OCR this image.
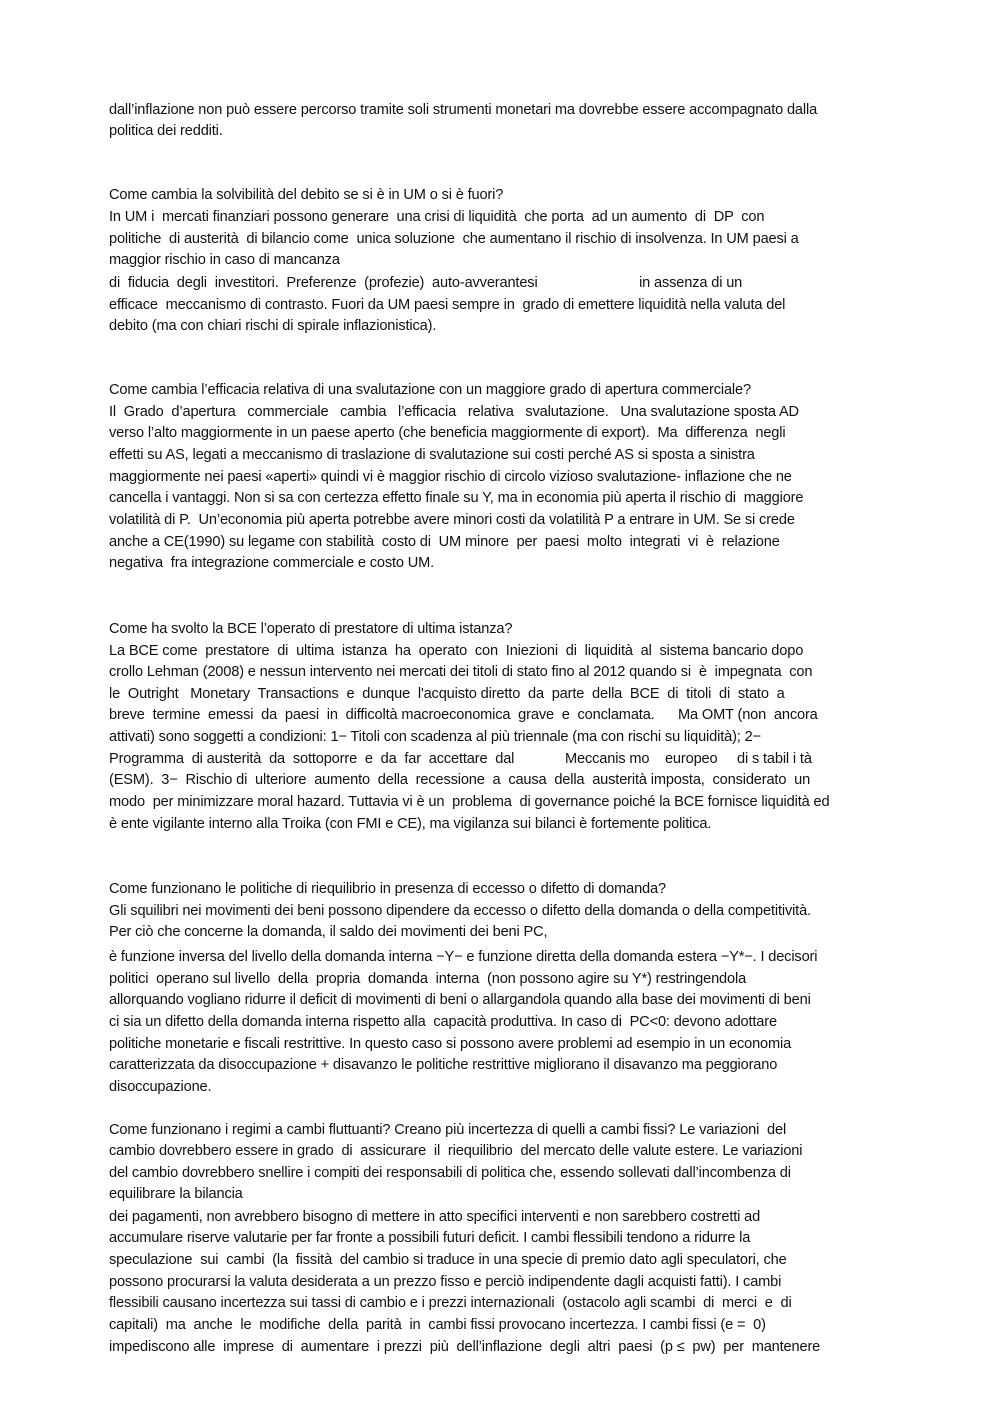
dall’inflazione non può essere percorso tramite soli strumenti monetari ma dovrebbe essere accompagnato dalla
politica dei redditi.
Come cambia la solvibilità del debito se si è in UM o si è fuori?
In UM i  mercati finanziari possono generare  una crisi di liquidità  che porta  ad un aumento  di  DP  con
politiche  di austerità  di bilancio come  unica soluzione  che aumentano il rischio di insolvenza. In UM paesi a
maggior rischio in caso di mancanza
di  fiducia  degli  investitori.  Preferenze  (profezie)  auto-avverantesi                          in assenza di un
efficace  meccanismo di contrasto. Fuori da UM paesi sempre in  grado di emettere liquidità nella valuta del
debito (ma con chiari rischi di spirale inflazionistica).
Come cambia l’efficacia relativa di una svalutazione con un maggiore grado di apertura commerciale?
Il  Grado  d’apertura   commerciale   cambia   l’efficacia   relativa   svalutazione.   Una svalutazione sposta AD
verso l’alto maggiormente in un paese aperto (che beneficia maggiormente di export).  Ma  differenza  negli
effetti su AS, legati a meccanismo di traslazione di svalutazione sui costi perché AS si sposta a sinistra
maggiormente nei paesi «aperti» quindi vi è maggior rischio di circolo vizioso svalutazione- inflazione che ne
cancella i vantaggi. Non si sa con certezza effetto finale su Y, ma in economia più aperta il rischio di  maggiore
volatilità di P.  Un’economia più aperta potrebbe avere minori costi da volatilità P a entrare in UM. Se si crede
anche a CE(1990) su legame con stabilità  costo di  UM minore  per  paesi  molto  integrati  vi  è  relazione
negativa  fra integrazione commerciale e costo UM.
Come ha svolto la BCE l’operato di prestatore di ultima istanza?
La BCE come  prestatore  di  ultima  istanza  ha  operato  con  Iniezioni  di  liquidità  al  sistema bancario dopo
crollo Lehman (2008) e nessun intervento nei mercati dei titoli di stato fino al 2012 quando si  è  impegnata  con
le  Outright   Monetary  Transactions  e  dunque  l'acquisto diretto  da  parte  della  BCE  di  titoli  di  stato  a
breve  termine  emessi  da  paesi  in  difficoltà macroeconomica  grave  e  conclamata.      Ma OMT (non  ancora
attivati) sono soggetti a condizioni: 1− Titoli con scadenza al più triennale (ma con rischi su liquidità); 2−
Programma  di austerità  da  sottoporre  e  da  far  accettare  dal             Meccanis mo    europeo     di s tabil i tà
(ESM).  3−  Rischio di  ulteriore  aumento  della  recessione  a  causa  della  austerità imposta,  considerato  un
modo  per minimizzare moral hazard. Tuttavia vi è un  problema  di governance poiché la BCE fornisce liquidità ed
è ente vigilante interno alla Troika (con FMI e CE), ma vigilanza sui bilanci è fortemente politica.
Come funzionano le politiche di riequilibrio in presenza di eccesso o difetto di domanda?
Gli squilibri nei movimenti dei beni possono dipendere da eccesso o difetto della domanda o della competitività.
Per ciò che concerne la domanda, il saldo dei movimenti dei beni PC,
è funzione inversa del livello della domanda interna −Y− e funzione diretta della domanda estera −Y*−. I decisori
politici  operano sul livello  della  propria  domanda  interna  (non possono agire su Y*) restringendola
allorquando vogliano ridurre il deficit di movimenti di beni o allargandola quando alla base dei movimenti di beni
ci sia un difetto della domanda interna rispetto alla  capacità produttiva. In caso di  PC<0: devono adottare
politiche monetarie e fiscali restrittive. In questo caso si possono avere problemi ad esempio in un economia
caratterizzata da disoccupazione + disavanzo le politiche restrittive migliorano il disavanzo ma peggiorano
disoccupazione.
Come funzionano i regimi a cambi fluttuanti? Creano più incertezza di quelli a cambi fissi? Le variazioni  del
cambio dovrebbero essere in grado  di  assicurare  il  riequilibrio  del mercato delle valute estere. Le variazioni
del cambio dovrebbero snellire i compiti dei responsabili di politica che, essendo sollevati dall’incombenza di
equilibrare la bilancia
dei pagamenti, non avrebbero bisogno di mettere in atto specifici interventi e non sarebbero costretti ad
accumulare riserve valutarie per far fronte a possibili futuri deficit. I cambi flessibili tendono a ridurre la
speculazione  sui  cambi  (la  fissità  del cambio si traduce in una specie di premio dato agli speculatori, che
possono procurarsi la valuta desiderata a un prezzo fisso e perciò indipendente dagli acquisti fatti). I cambi
flessibili causano incertezza sui tassi di cambio e i prezzi internazionali  (ostacolo agli scambi  di  merci  e  di
capitali)  ma  anche  le  modifiche  della  parità  in  cambi fissi provocano incertezza. I cambi fissi (e =  0)
impediscono alle  imprese  di  aumentare  i prezzi  più  dell’inflazione  degli  altri  paesi  (p ≤  pw)  per  mantenere
